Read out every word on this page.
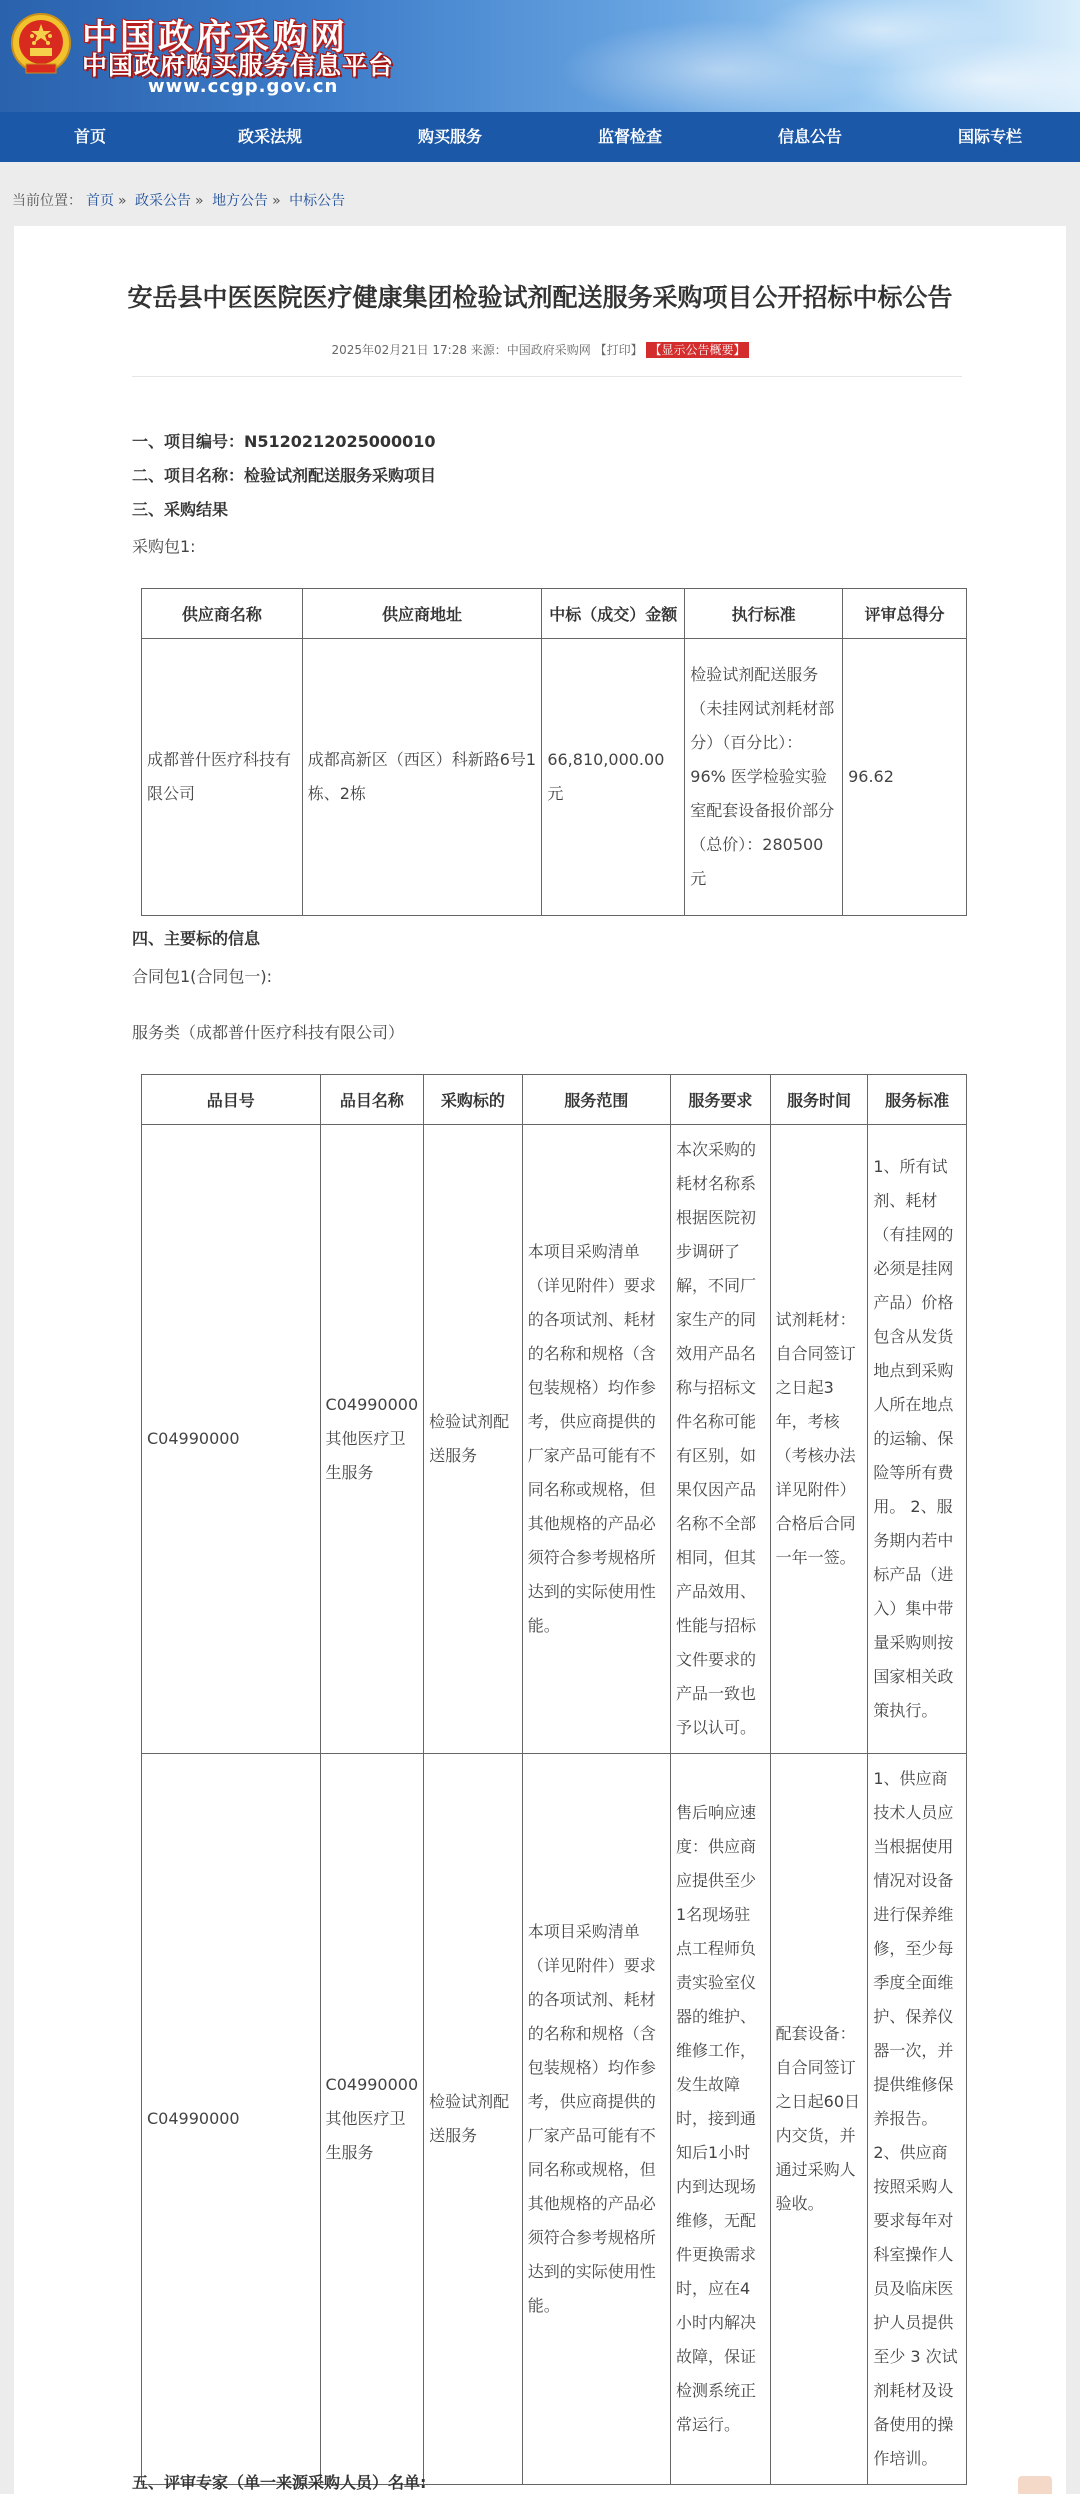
中国政府采购网
中国政府购买服务信息平台
www.ccgp.gov.cn
首页	政采法规	购买服务	监督检查	信息公告	国际专栏
当前位置： 首页 » 政采公告 » 地方公告 » 中标公告
安岳县中医医院医疗健康集团检验试剂配送服务采购项目公开招标中标公告
2025年02月21日 17:28 来源：中国政府采购网 【打印】 【显示公告概要】
一、项目编号：N5120212025000010
二、项目名称：检验试剂配送服务采购项目
三、采购结果
采购包1:
供应商名称	供应商地址	中标（成交）金额	执行标准	评审总得分
成都普什医疗科技有限公司	成都高新区（西区）科新路6号1栋、2栋	66,810,000.00元	检验试剂配送服务（未挂网试剂耗材部分）（百分比）：96% 医学检验实验室配套设备报价部分（总价）：280500元	96.62
四、主要标的信息
合同包1(合同包一):
服务类（成都普什医疗科技有限公司）
品目号	品目名称	采购标的	服务范围	服务要求	服务时间	服务标准
C04990000	C04990000其他医疗卫生服务	检验试剂配送服务	本项目采购清单（详见附件）要求的各项试剂、耗材的名称和规格（含包装规格）均作参考，供应商提供的厂家产品可能有不同名称或规格，但其他规格的产品必须符合参考规格所达到的实际使用性能。	本次采购的耗材名称系根据医院初步调研了解，不同厂家生产的同效用产品名称与招标文件名称可能有区别，如果仅因产品名称不全部相同，但其产品效用、性能与招标文件要求的产品一致也予以认可。	试剂耗材：自合同签订之日起3年，考核（考核办法详见附件）合格后合同一年一签。	1、所有试剂、耗材（有挂网的必须是挂网产品）价格包含从发货地点到采购人所在地点的运输、保险等所有费用。 2、服务期内若中标产品（进入）集中带量采购则按国家相关政策执行。
C04990000	C04990000其他医疗卫生服务	检验试剂配送服务	本项目采购清单（详见附件）要求的各项试剂、耗材的名称和规格（含包装规格）均作参考，供应商提供的厂家产品可能有不同名称或规格，但其他规格的产品必须符合参考规格所达到的实际使用性能。	售后响应速度：供应商应提供至少1名现场驻点工程师负责实验室仪器的维护、维修工作，发生故障时，接到通知后1小时内到达现场维修，无配件更换需求时，应在4小时内解决故障，保证检测系统正常运行。	配套设备：自合同签订之日起60日内交货，并通过采购人验收。	1、供应商技术人员应当根据使用情况对设备进行保养维修，至少每季度全面维护、保养仪器一次，并提供维修保养报告。 2、供应商按照采购人要求每年对科室操作人员及临床医护人员提供至少 3 次试剂耗材及设备使用的操作培训。
五、评审专家（单一来源采购人员）名单:
